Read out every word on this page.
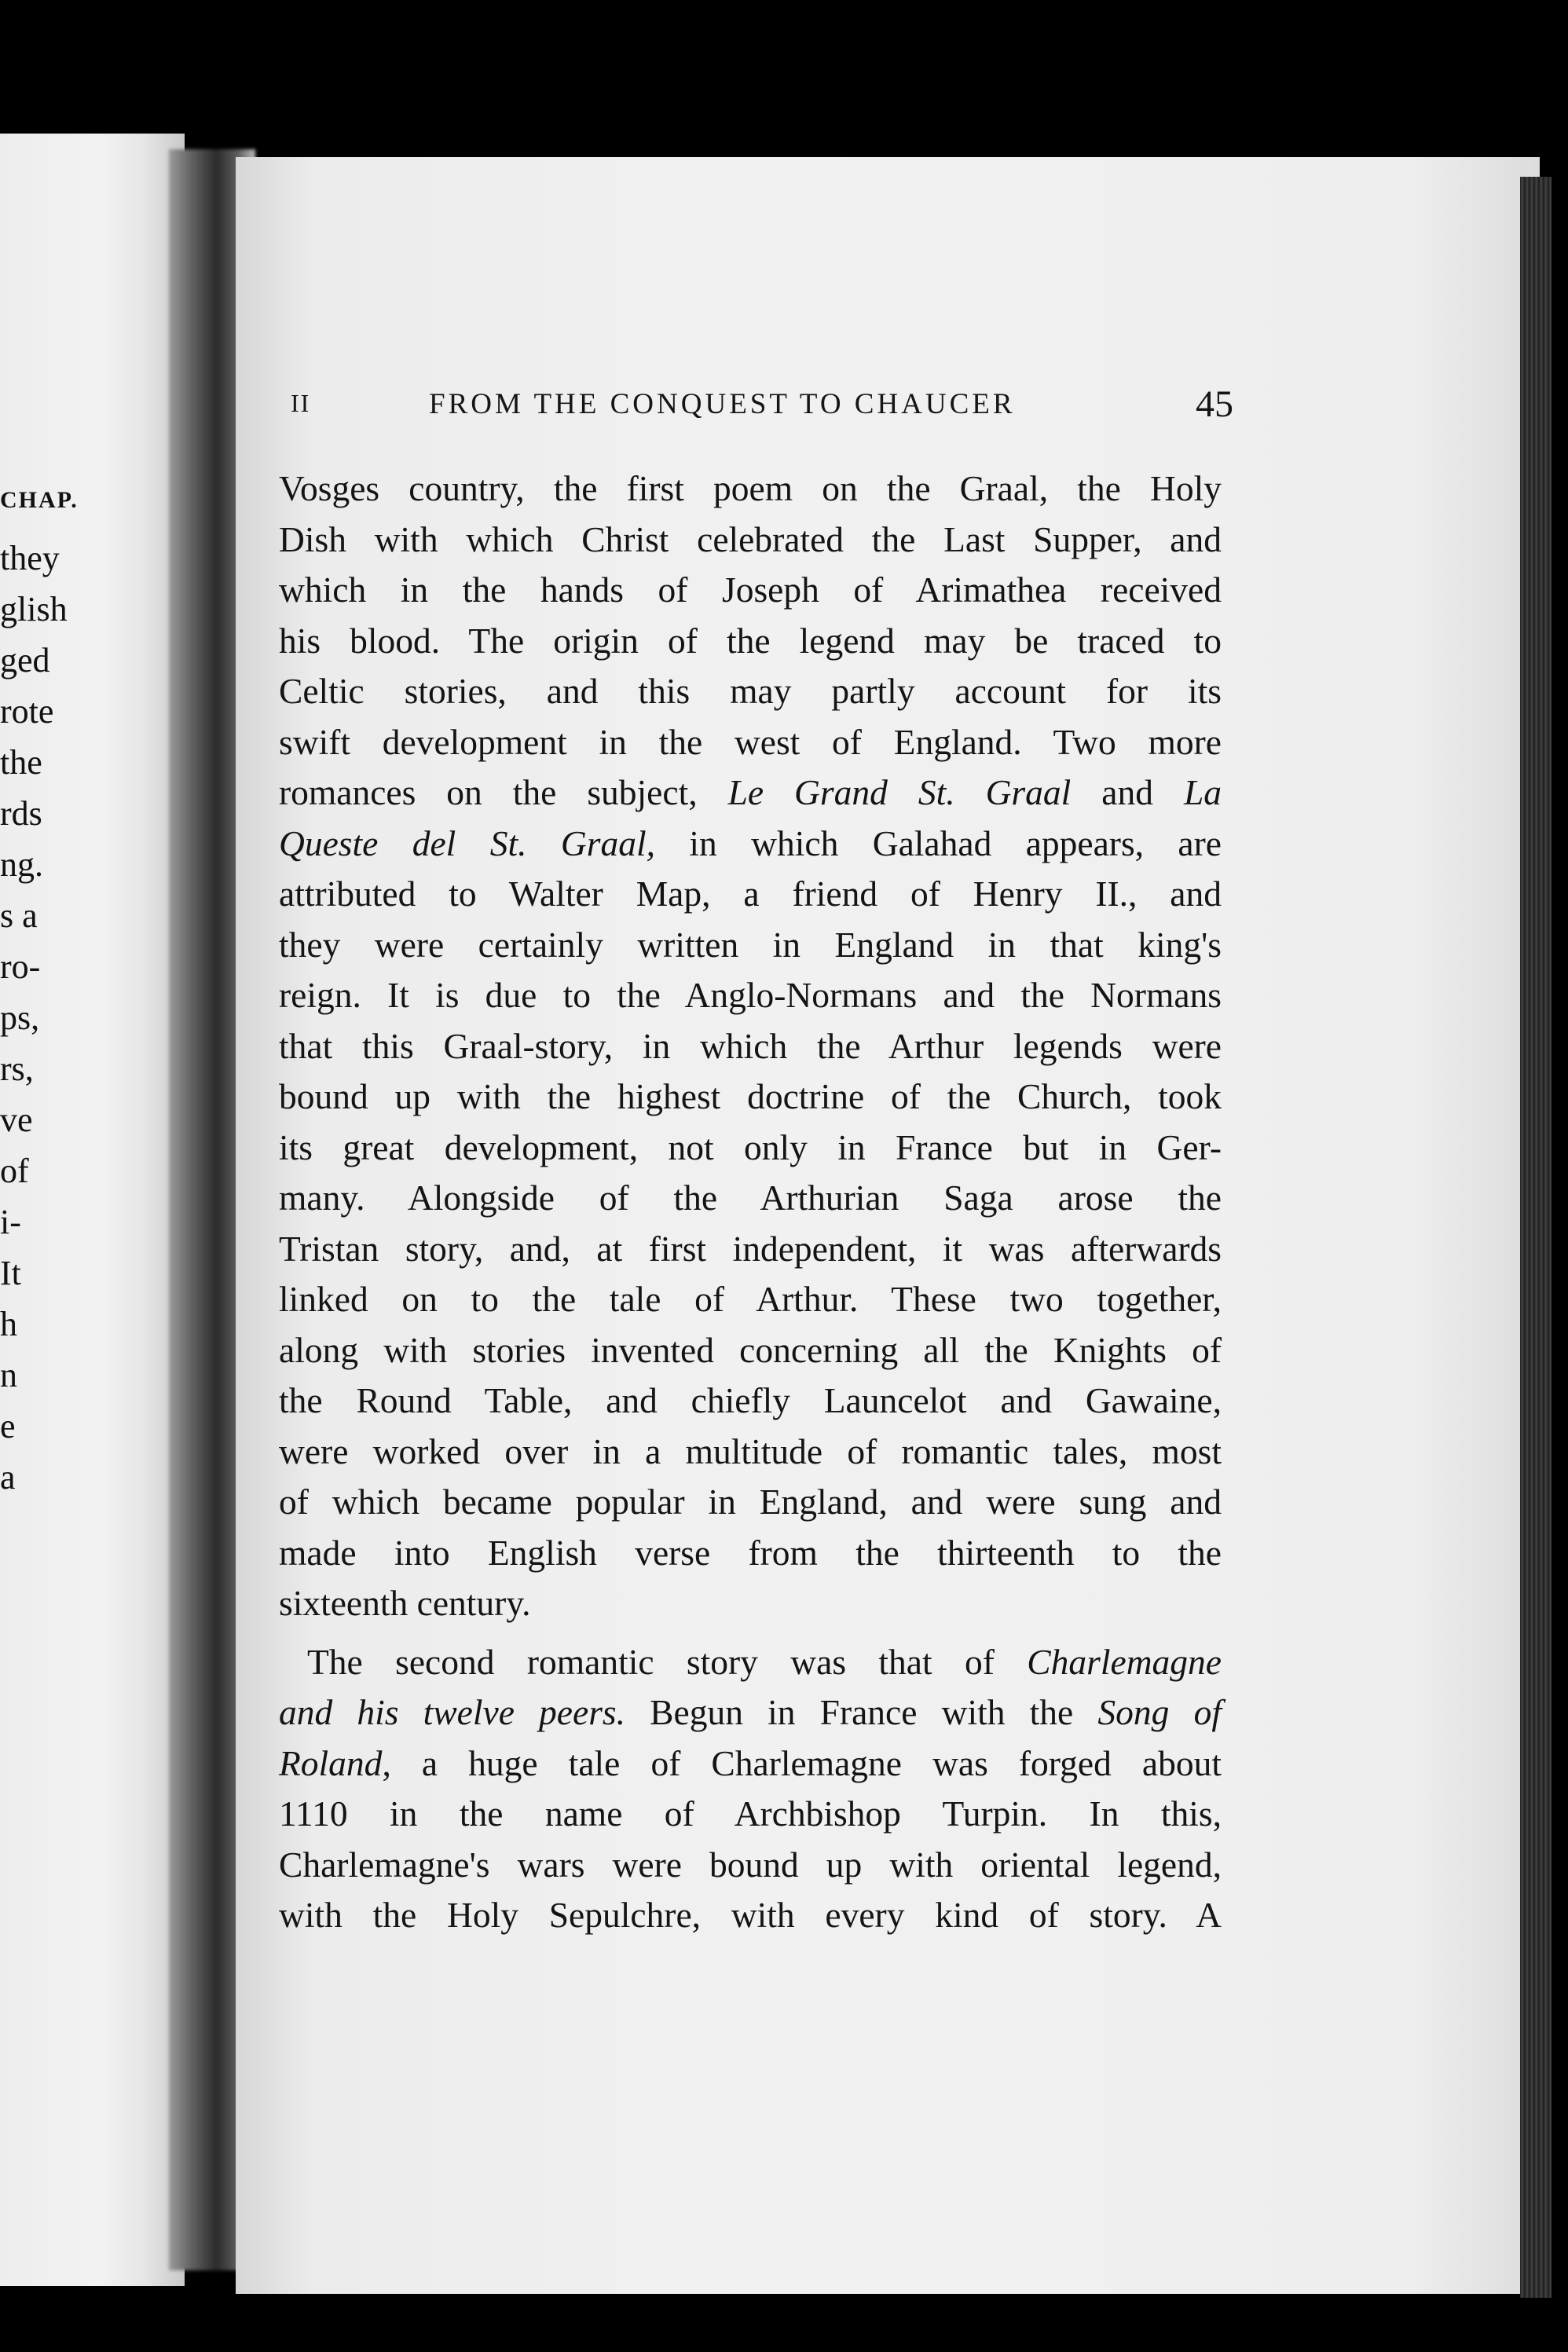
CHAP.
they
glish
ged
rote
the
rds
ng.
s a
ro-
ps,
rs,
ve
of
i-
It
h
n
e
a
II	FROM THE CONQUEST TO CHAUCER	45
Vosges country, the first poem on the Graal, the Holy
Dish with which Christ celebrated the Last Supper, and
which in the hands of Joseph of Arimathea received
his blood. The origin of the legend may be traced to
Celtic stories, and this may partly account for its
swift development in the west of England. Two more
romances on the subject, Le Grand St. Graal and La
Queste del St. Graal, in which Galahad appears, are
attributed to Walter Map, a friend of Henry II., and
they were certainly written in England in that king's
reign. It is due to the Anglo-Normans and the Normans
that this Graal-story, in which the Arthur legends were
bound up with the highest doctrine of the Church, took
its great development, not only in France but in Ger-
many. Alongside of the Arthurian Saga arose the
Tristan story, and, at first independent, it was afterwards
linked on to the tale of Arthur. These two together,
along with stories invented concerning all the Knights of
the Round Table, and chiefly Launcelot and Gawaine,
were worked over in a multitude of romantic tales, most
of which became popular in England, and were sung and
made into English verse from the thirteenth to the
sixteenth century.
The second romantic story was that of Charlemagne
and his twelve peers. Begun in France with the Song of
Roland, a huge tale of Charlemagne was forged about
1110 in the name of Archbishop Turpin. In this,
Charlemagne's wars were bound up with oriental legend,
with the Holy Sepulchre, with every kind of story. A
